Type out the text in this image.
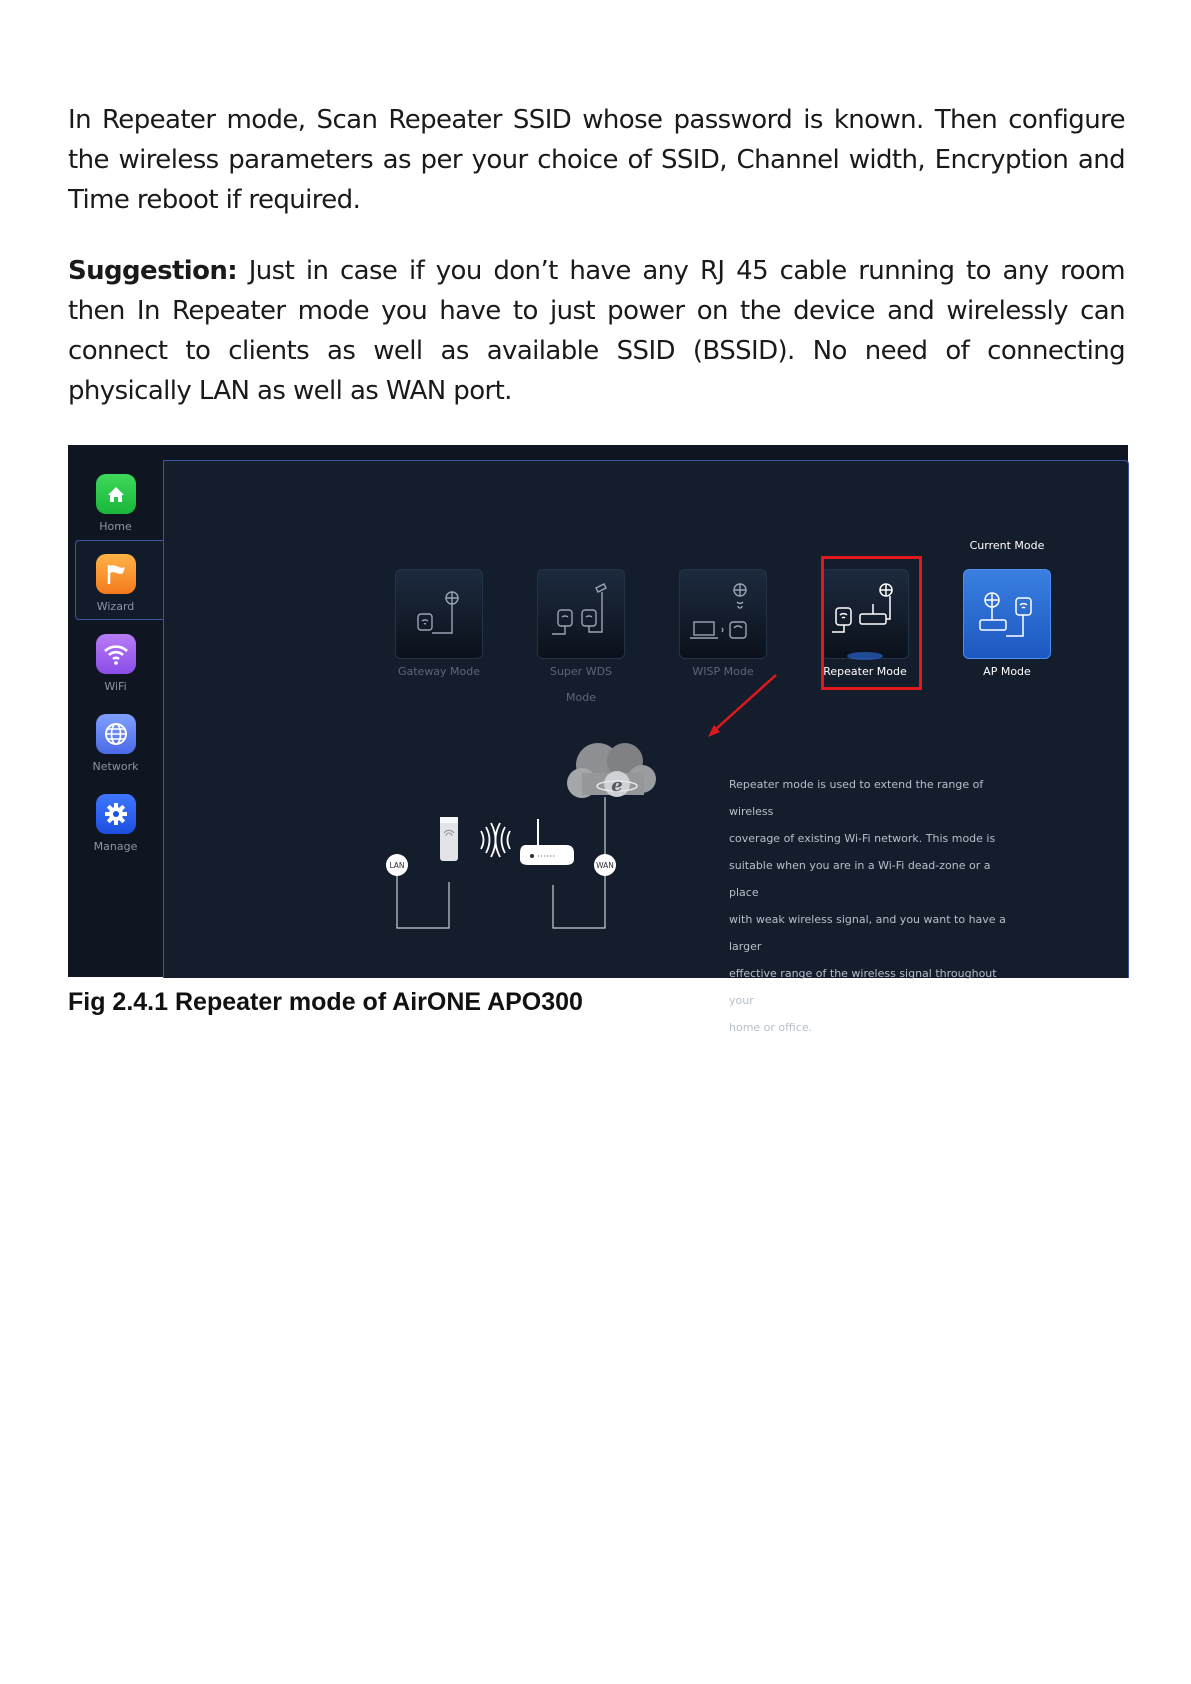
In Repeater mode, Scan Repeater SSID whose password is known. Then configure the wireless parameters as per your choice of SSID, Channel width, Encryption and Time reboot if required.

Suggestion: Just in case if you don’t have any RJ 45 cable running to any room then In Repeater mode you have to just power on the device and wirelessly can connect to clients as well as available SSID (BSSID). No need of connecting physically LAN as well as WAN port.

Home
Wizard
WiFi
Network
Manage
Current Mode
Gateway Mode	Super WDS
Mode
WISP Mode	Repeater Mode	AP Mode
e
LAN	WAN
Repeater mode is used to extend the range of wireless
coverage of existing Wi-Fi network. This mode is
suitable when you are in a Wi-Fi dead-zone or a place
with weak wireless signal, and you want to have a larger
effective range of the wireless signal throughout your
home or office.

Fig 2.4.1 Repeater mode of AirONE APO300
